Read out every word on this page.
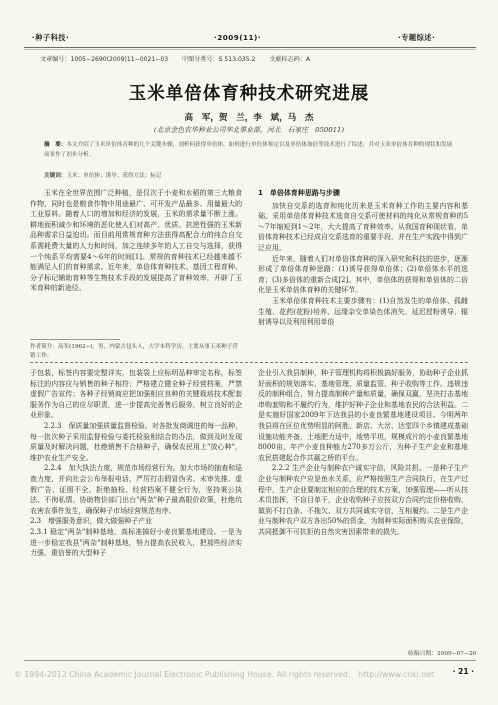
·种子科技·	·2009(11)·	·专题综述·
文章编号：1005−2690(2009)11−0021−03 中图分类号：S 513.035.2 文献标志码：A
玉米单倍体育种技术研究进展
高　军，贺　兰，李　斌，马　杰
(北京金色农华种业公司华北事业部，河北　石家庄　050011)
摘　要：本文介绍了玉米单倍体育种的几个关键步骤，剖析何获得单倍体，如何进行单倍体鉴定以及单倍体加倍等技术进行了综述，并对玉米单倍体育种的现状和发展前景作了初步分析。
关键词：玉米；单倍体；诱导；获得方法；标记

玉米在全世界范围广泛种植，是仅次于小麦和水稻的第三大粮食作物，同时也是粮食作物中用途最广、可开发产品最多、用量最大的工业原料。随着人口的增加和经济的发展，玉米的需求量不断上涨。耕地面积减少和环境的恶化使人们对高产、优质、抗逆性强的玉米新品种需求日益迫切。而目前用常规育种方法获得高配合力的纯合自交系需耗费大量的人力和时间，加之连续多年的人工自交与选择，获得一个纯系平均需要4～6年的时间[1]。常规的育种技术已经越来越不能满足人们的育种需求。近年来，单倍体育种技术、基因工程育种、分子标记辅助育种等生物技术手段的发展提高了育种效率，开辟了玉米育种的新途径。

作者简介：高军(1962−)，男，内蒙古包头人，大学本科学历，主要从事玉米种子营销工作。
1　单倍体育种思路与步骤

加快自交系的选育和纯化历来是玉米育种工作的主要内容和基础。采用单倍体育种技术选育自交系可使材料的纯化从常规育种的5～7年缩短到1～2年，大大提高了育种效率。从我国育种现状看，单倍体育种技术已经成自交系选育的重要手段，并在生产实践中得到广泛应用。

近年来，随着人们对单倍体育种的深入研究和科技的进步，逐渐形成了单倍体育种思路：(1)诱导获得单倍体；(2)单倍体水平的选育；(3)多倍体的重新合成[2]。其中，单倍体的获得和单倍体的二倍化是玉米单倍体育种的关键环节。

玉米单倍体育种技术主要步骤有：(1)自然发生的单倍体、孤雌生殖、花药(花粉)培养、远缘杂交单染色体消失、延迟授粉诱导、辐射诱导以及利用利用单倍

子包装，标签内容要完整详实，包装袋上应标明品种审定名称，标签标注的内容应与销售的种子相符；严格建立健全种子经营档案，严禁虚假广告宣传；各种子经销商应把加强相应良种的关键栽培技术配套服务作为自己的应尽职责，进一步提高完善售后服务，树立良好的企业形象。

2.2.3　保质量加强质量监督检验。对各批发商调进的每一品种，每一批次种子采用监督检验与委托检验相结合的办法，做到及时发现质量及时解决问题，杜绝销售不合格种子，确保农民用上"放心种"，维护农业生产安全。

2.2.4　加大执法力度，规范市场经营行为。加大市场的抽查和巡查力度，并向社会公布举报电话，严厉打击假冒伪劣、未审先推、虚假广告、证照不全、拒绝抽检、经营档案不健全行为，坚持秉公执法、不徇私情、协助物价部门出台"两杂"种子最高限价政策，杜绝坑农害农事件发生，确保种子市场经营规范有序。

2.3　增强服务意识，做大做强种子产业

2.3.1 稳定"两杂"制种基地，高标准搞好小麦良繁基地建设。一是为进一步稳定我县"两杂"制种基地，努力提高农民收入，把那些经济实力强、重信誉的大型种子

企业引入我县制种，种子管理机构将积极搞好服务，协助种子企业抓好面积的规划落实、基地管理、质量监管、种子收购等工作。违规违反的制种组合，努力提高制种产量和质量，确保双赢，坚决打击基地串购套购和不履约行为，维护好种子企业和基地农民的合法利益。二是实施好国家2009年下达我县的小麦良繁基地建设项目。今明两年我县将在区位优势明显的阿胜、新店、大岔、达堂四个乡镇建成基础设施功能齐备，土地肥力适中，地势平坦，规模成片的小麦良繁基地8000亩，年产小麦良种能力270多万公斤，为种子生产企业和基地农民搭建起合作共赢之桥的平台。

2.2.2 生产企业与制种农户诚实守信，风险共担。一是种子生产企业与制种农户应是鱼水关系，应严格按照生产合同执行，在生产过程中，生产企业要制定相应的合理的技术方案，加强管理——听从技术员指挥，不盲目单干，企业收购种子应按双方合同约定价格收购，做到不打白条、不拖欠、双方共同诚实守信，互相履约。二是生产企业与制种农户双方各出50%的资金，为制种实际面积购买农业保险，共同抵御不可抗拒的自然灾害因素带来的损失。

收稿日期：2009−07−26
© 1994-2012 China Academic Journal Electronic Publishing House. All rights reserved.　http://www.cnki.net · 21 ·
